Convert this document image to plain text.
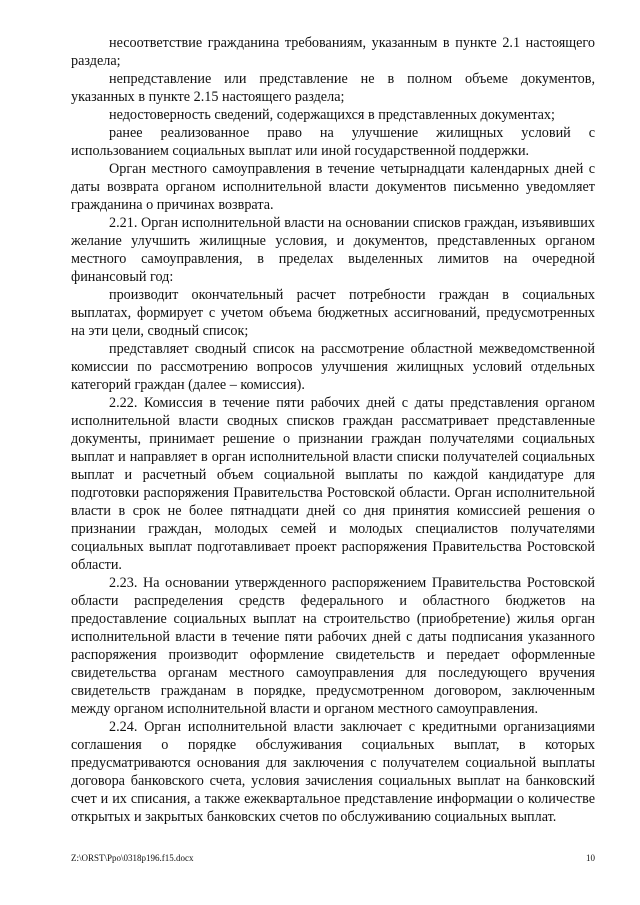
несоответствие гражданина требованиям, указанным в пункте 2.1 настоящего раздела;

непредставление или представление не в полном объеме документов, указанных в пункте 2.15 настоящего раздела;

недостоверность сведений, содержащихся в представленных документах;

ранее реализованное право на улучшение жилищных условий с использованием социальных выплат или иной государственной поддержки.

Орган местного самоуправления в течение четырнадцати календарных дней с даты возврата органом исполнительной власти документов письменно уведомляет гражданина о причинах возврата.

2.21. Орган исполнительной власти на основании списков граждан, изъявивших желание улучшить жилищные условия, и документов, представленных органом местного самоуправления, в пределах выделенных лимитов на очередной финансовый год:

производит окончательный расчет потребности граждан в социальных выплатах, формирует с учетом объема бюджетных ассигнований, предусмотренных на эти цели, сводный список;

представляет сводный список на рассмотрение областной межведомственной комиссии по рассмотрению вопросов улучшения жилищных условий отдельных категорий граждан (далее – комиссия).

2.22. Комиссия в течение пяти рабочих дней с даты представления органом исполнительной власти сводных списков граждан рассматривает представленные документы, принимает решение о признании граждан получателями социальных выплат и направляет в орган исполнительной власти списки получателей социальных выплат и расчетный объем социальной выплаты по каждой кандидатуре для подготовки распоряжения Правительства Ростовской области. Орган исполнительной власти в срок не более пятнадцати дней со дня принятия комиссией решения о признании граждан, молодых семей и молодых специалистов получателями социальных выплат подготавливает проект распоряжения Правительства Ростовской области.

2.23. На основании утвержденного распоряжением Правительства Ростовской области распределения средств федерального и областного бюджетов на предоставление социальных выплат на строительство (приобретение) жилья орган исполнительной власти в течение пяти рабочих дней с даты подписания указанного распоряжения производит оформление свидетельств и передает оформленные свидетельства органам местного самоуправления для последующего вручения свидетельств гражданам в порядке, предусмотренном договором, заключенным между органом исполнительной власти и органом местного самоуправления.

2.24. Орган исполнительной власти заключает с кредитными организациями соглашения о порядке обслуживания социальных выплат, в которых предусматриваются основания для заключения с получателем социальной выплаты договора банковского счета, условия зачисления социальных выплат на банковский счет и их списания, а также ежеквартальное представление информации о количестве открытых и закрытых банковских счетов по обслуживанию социальных выплат.

Z:\ORST\Ppo\0318p196.f15.docx	10
